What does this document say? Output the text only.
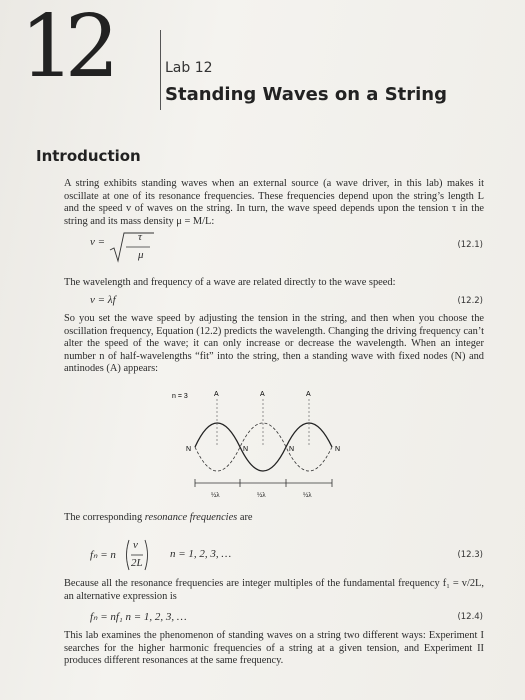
12	Lab 12
Standing Waves on a String
Introduction
A string exhibits standing waves when an external source (a wave driver, in this lab) makes it oscillate at one of its resonance frequencies. These frequencies depend upon the string’s length L and the speed v of waves on the string. In turn, the wave speed depends upon the tension τ in the string and its mass density μ = M/L:
v =	τ
μ
(12.1)
The wavelength and frequency of a wave are related directly to the wave speed:
v = λf	(12.2)
So you set the wave speed by adjusting the tension in the string, and then when you choose the oscillation frequency, Equation (12.2) predicts the wavelength. Changing the driving frequency can’t alter the speed of the wave; it can only increase or decrease the wavelength. When an integer number n of half-wavelengths “fit” into the string, then a standing wave with fixed nodes (N) and antinodes (A) appears:
n = 3	A	A	A
N	N	N	N
½λ	½λ	½λ
The corresponding resonance frequencies are
fₙ = n
v
2L
n = 1, 2, 3, …	(12.3)
Because all the resonance frequencies are integer multiples of the fundamental frequency f₁ = v/2L, an alternative expression is
fₙ = nf₁ n = 1, 2, 3, …	(12.4)
This lab examines the phenomenon of standing waves on a string two different ways: Experiment I searches for the higher harmonic frequencies of a string at a given tension, and Experiment II produces different resonances at the same frequency.
